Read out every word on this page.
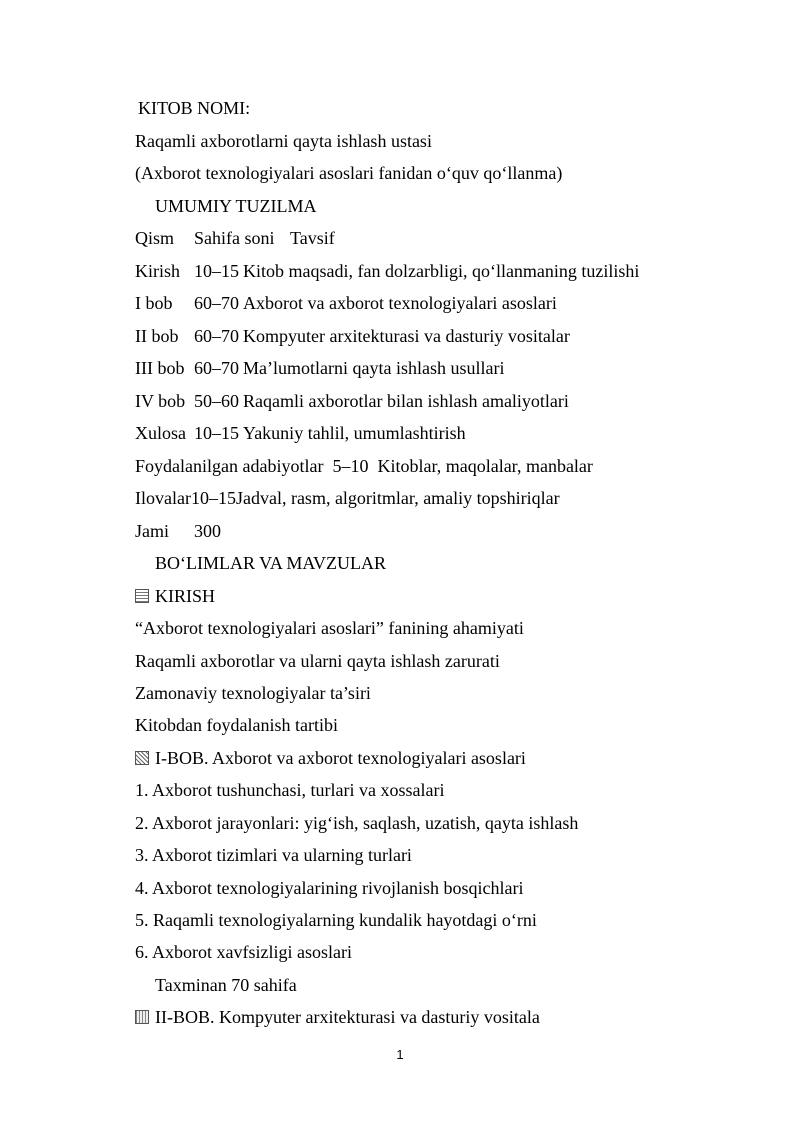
KITOB NOMI:
Raqamli axborotlarni qayta ishlash ustasi
(Axborot texnologiyalari asoslari fanidan o‘quv qo‘llanma)
UMUMIY TUZILMA
Qism Sahifa soni Tavsif
Kirish 10–15 Kitob maqsadi, fan dolzarbligi, qo‘llanmaning tuzilishi
I bob 60–70 Axborot va axborot texnologiyalari asoslari
II bob 60–70 Kompyuter arxitekturasi va dasturiy vositalar
III bob 60–70 Ma’lumotlarni qayta ishlash usullari
IV bob 50–60 Raqamli axborotlar bilan ishlash amaliyotlari
Xulosa 10–15 Yakuniy tahlil, umumlashtirish
Foydalanilgan adabiyotlar  5–10  Kitoblar, maqolalar, manbalar
Ilovalar10–15Jadval, rasm, algoritmlar, amaliy topshiriqlar
Jami 300
BO‘LIMLAR VA MAVZULAR
KIRISH
“Axborot texnologiyalari asoslari” fanining ahamiyati
Raqamli axborotlar va ularni qayta ishlash zarurati
Zamonaviy texnologiyalar ta’siri
Kitobdan foydalanish tartibi
I-BOB. Axborot va axborot texnologiyalari asoslari
1. Axborot tushunchasi, turlari va xossalari
2. Axborot jarayonlari: yig‘ish, saqlash, uzatish, qayta ishlash
3. Axborot tizimlari va ularning turlari
4. Axborot texnologiyalarining rivojlanish bosqichlari
5. Raqamli texnologiyalarning kundalik hayotdagi o‘rni
6. Axborot xavfsizligi asoslari
Taxminan 70 sahifa
II-BOB. Kompyuter arxitekturasi va dasturiy vositala
1
